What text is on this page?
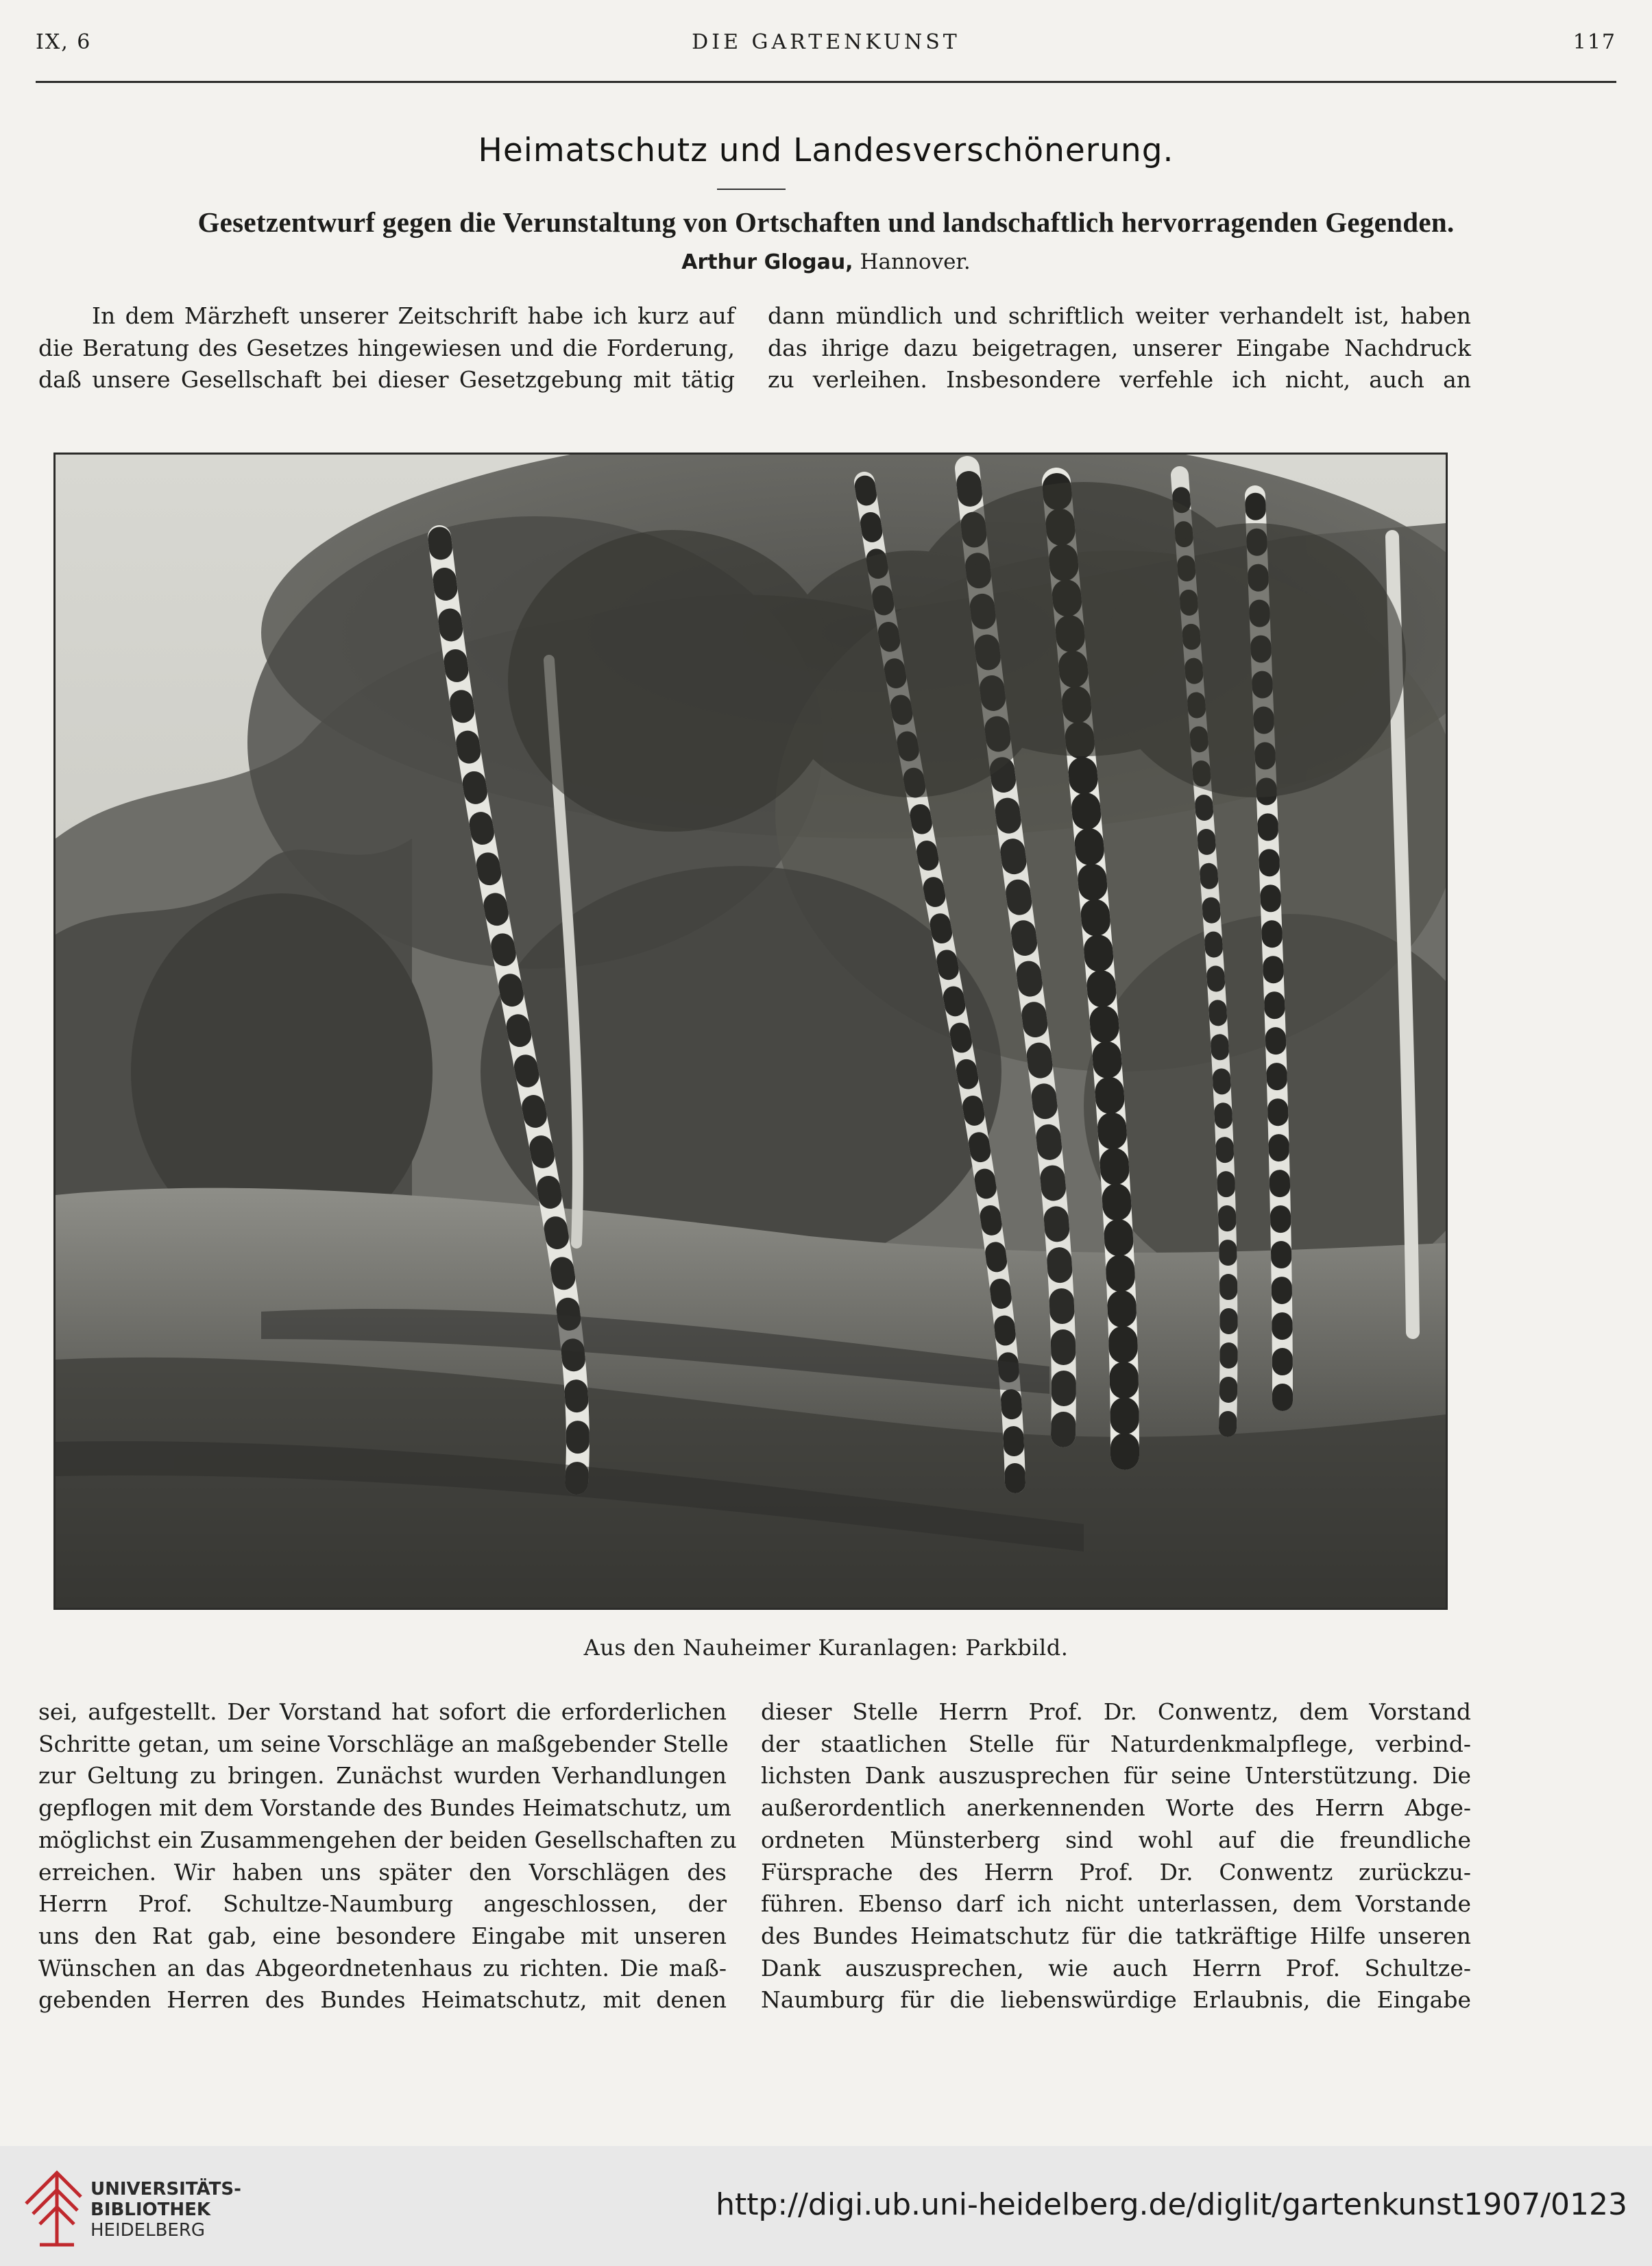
IX, 6	DIE GARTENKUNST	117
Heimatschutz und Landesverschönerung.
Gesetzentwurf gegen die Verunstaltung von Ortschaften und landschaftlich hervorragenden Gegenden.
Arthur Glogau, Hannover.
In dem Märzheft unserer Zeitschrift habe ich kurz auf
die Beratung des Gesetzes hingewiesen und die Forderung,
daß unsere Gesellschaft bei dieser Gesetzgebung mit tätig
dann mündlich und schriftlich weiter verhandelt ist, haben
das ihrige dazu beigetragen, unserer Eingabe Nachdruck
zu verleihen. Insbesondere verfehle ich nicht, auch an
Aus den Nauheimer Kuranlagen: Parkbild.
sei, aufgestellt. Der Vorstand hat sofort die erforderlichen
Schritte getan, um seine Vorschläge an maßgebender Stelle
zur Geltung zu bringen. Zunächst wurden Verhandlungen
gepflogen mit dem Vorstande des Bundes Heimatschutz, um
möglichst ein Zusammengehen der beiden Gesellschaften zu
erreichen. Wir haben uns später den Vorschlägen des
Herrn Prof. Schultze-Naumburg angeschlossen, der
uns den Rat gab, eine besondere Eingabe mit unseren
Wünschen an das Abgeordnetenhaus zu richten. Die maß-
gebenden Herren des Bundes Heimatschutz, mit denen
dieser Stelle Herrn Prof. Dr. Conwentz, dem Vorstand
der staatlichen Stelle für Naturdenkmalpflege, verbind-
lichsten Dank auszusprechen für seine Unterstützung. Die
außerordentlich anerkennenden Worte des Herrn Abge-
ordneten Münsterberg sind wohl auf die freundliche
Fürsprache des Herrn Prof. Dr. Conwentz zurückzu-
führen. Ebenso darf ich nicht unterlassen, dem Vorstande
des Bundes Heimatschutz für die tatkräftige Hilfe unseren
Dank auszusprechen, wie auch Herrn Prof. Schultze-
Naumburg für die liebenswürdige Erlaubnis, die Eingabe
UNIVERSITÄTS-
BIBLIOTHEK
HEIDELBERG
http://digi.ub.uni-heidelberg.de/diglit/gartenkunst1907/0123
